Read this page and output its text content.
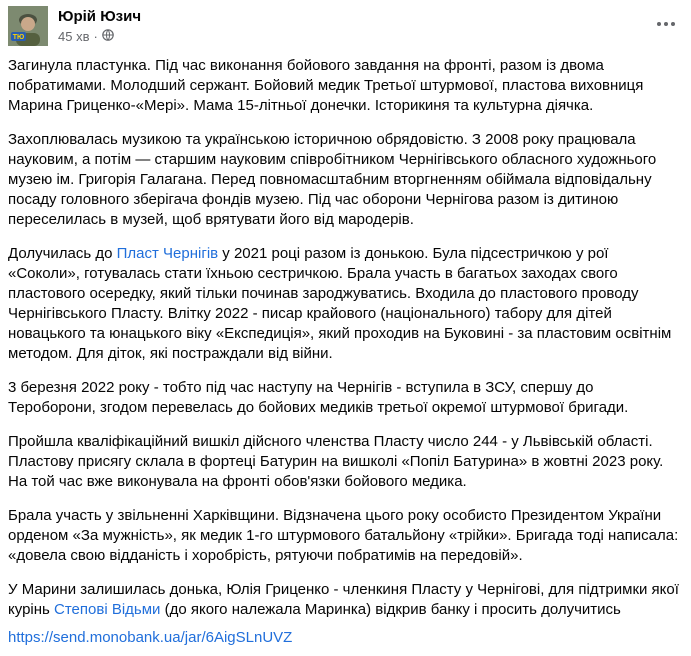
ТЮ
Юрій Юзич
45 хв ·

Загинула пластунка. Під час виконання бойового завдання на фронті, разом із двома побратимами. Молодший сержант. Бойовий медик Третьої штурмової, пластова виховниця Марина Гриценко-«Мері». Мама 15-літньої донечки. Історикиня та культурна діячка.

Захоплювалась музикою та українською історичною обрядовістю. З 2008 року працювала науковим, а потім — старшим науковим співробітником Чернігівського обласного художнього музею ім. Григорія Галагана. Перед повномасштабним вторгненням обіймала відповідальну посаду головного зберігача фондів музею. Під час оборони Чернігова разом із дитиною переселилась в музей, щоб врятувати його від мародерів.

Долучилась до Пласт Чернігів у 2021 році разом із донькою. Була підсестричкою у рої «Соколи», готувалась стати їхньою сестричкою. Брала участь в багатьох заходах свого пластового осередку, який тільки починав зароджуватись. Входила до пластового проводу Чернігівського Пласту. Влітку 2022 - писар крайового (національного) табору для дітей новацького та юнацького віку «Експедиція», який проходив на Буковині - за пластовим освітнім методом. Для діток, які постраждали від війни.

3 березня 2022 року - тобто під час наступу на Чернігів - вступила в ЗСУ, спершу до Тероборони, згодом перевелась до бойових медиків третьої окремої штурмової бригади.

Пройшла кваліфікаційний вишкіл дійсного членства Пласту число 244 - у Львівській області. Пластову присягу склала в фортеці Батурин на вишколі «Попіл Батурина» в жовтні 2023 року. На той час вже виконувала на фронті обов'язки бойового медика.

Брала участь у звільненні Харківщини. Відзначена цього року особисто Президентом України орденом «За мужність», як медик 1-го штурмового батальйону «трійки». Бригада тоді написала: «довела свою відданість і хоробрість, рятуючи побратимів на передовій».

У Марини залишилась донька, Юлія Гриценко - членкиня Пласту у Чернігові, для підтримки якої курінь Степові Відьми (до якого належала Маринка) відкрив банку і просить долучитись

https://send.monobank.ua/jar/6AigSLnUVZ
